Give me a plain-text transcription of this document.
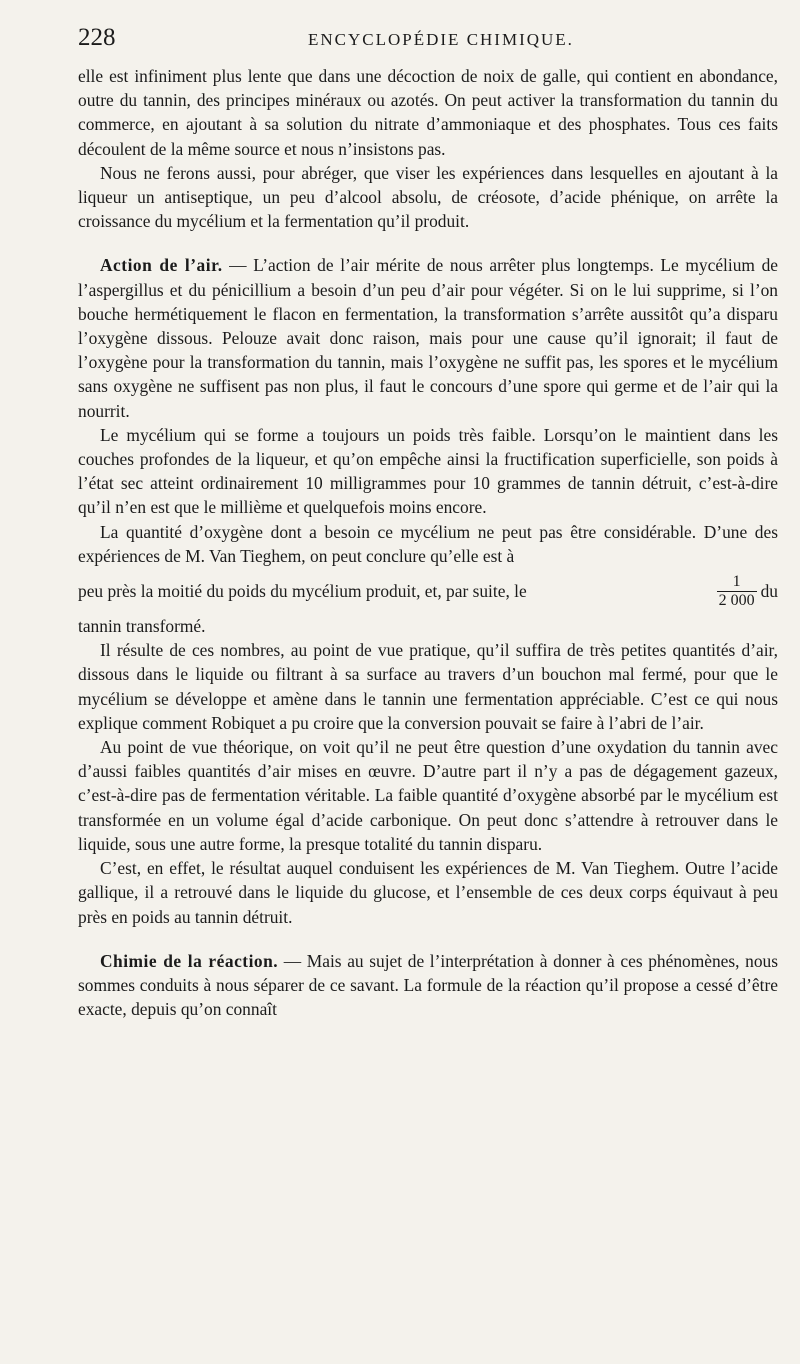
228	ENCYCLOPÉDIE CHIMIQUE.

elle est infiniment plus lente que dans une décoction de noix de galle, qui contient en abondance, outre du tannin, des principes minéraux ou azotés. On peut activer la transformation du tannin du commerce, en ajoutant à sa solution du nitrate d’ammoniaque et des phosphates. Tous ces faits découlent de la même source et nous n’insistons pas.

Nous ne ferons aussi, pour abréger, que viser les expériences dans lesquelles en ajoutant à la liqueur un antiseptique, un peu d’alcool absolu, de créosote, d’acide phénique, on arrête la croissance du mycélium et la fermentation qu’il produit.

Action de l’air. — L’action de l’air mérite de nous arrêter plus longtemps. Le mycélium de l’aspergillus et du pénicillium a besoin d’un peu d’air pour végéter. Si on le lui supprime, si l’on bouche hermétiquement le flacon en fermentation, la transformation s’arrête aussitôt qu’a disparu l’oxygène dissous. Pelouze avait donc raison, mais pour une cause qu’il ignorait; il faut de l’oxygène pour la transformation du tannin, mais l’oxygène ne suffit pas, les spores et le mycélium sans oxygène ne suffisent pas non plus, il faut le concours d’une spore qui germe et de l’air qui la nourrit.

Le mycélium qui se forme a toujours un poids très faible. Lorsqu’on le maintient dans les couches profondes de la liqueur, et qu’on empêche ainsi la fructification superficielle, son poids à l’état sec atteint ordinairement 10 milligrammes pour 10 grammes de tannin détruit, c’est-à-dire qu’il n’en est que le millième et quelquefois moins encore.

La quantité d’oxygène dont a besoin ce mycélium ne peut pas être considérable. D’une des expériences de M. Van Tieghem, on peut conclure qu’elle est à

peu près la moitié du poids du mycélium produit, et, par suite, le	$\frac{1}{2 000}$ du

tannin transformé.

Il résulte de ces nombres, au point de vue pratique, qu’il suffira de très petites quantités d’air, dissous dans le liquide ou filtrant à sa surface au travers d’un bouchon mal fermé, pour que le mycélium se développe et amène dans le tannin une fermentation appréciable. C’est ce qui nous explique comment Robiquet a pu croire que la conversion pouvait se faire à l’abri de l’air.

Au point de vue théorique, on voit qu’il ne peut être question d’une oxydation du tannin avec d’aussi faibles quantités d’air mises en œuvre. D’autre part il n’y a pas de dégagement gazeux, c’est-à-dire pas de fermentation véritable. La faible quantité d’oxygène absorbé par le mycélium est transformée en un volume égal d’acide carbonique. On peut donc s’attendre à retrouver dans le liquide, sous une autre forme, la presque totalité du tannin disparu.

C’est, en effet, le résultat auquel conduisent les expériences de M. Van Tieghem. Outre l’acide gallique, il a retrouvé dans le liquide du glucose, et l’ensemble de ces deux corps équivaut à peu près en poids au tannin détruit.

Chimie de la réaction. — Mais au sujet de l’interprétation à donner à ces phénomènes, nous sommes conduits à nous séparer de ce savant. La formule de la réaction qu’il propose a cessé d’être exacte, depuis qu’on connaît
